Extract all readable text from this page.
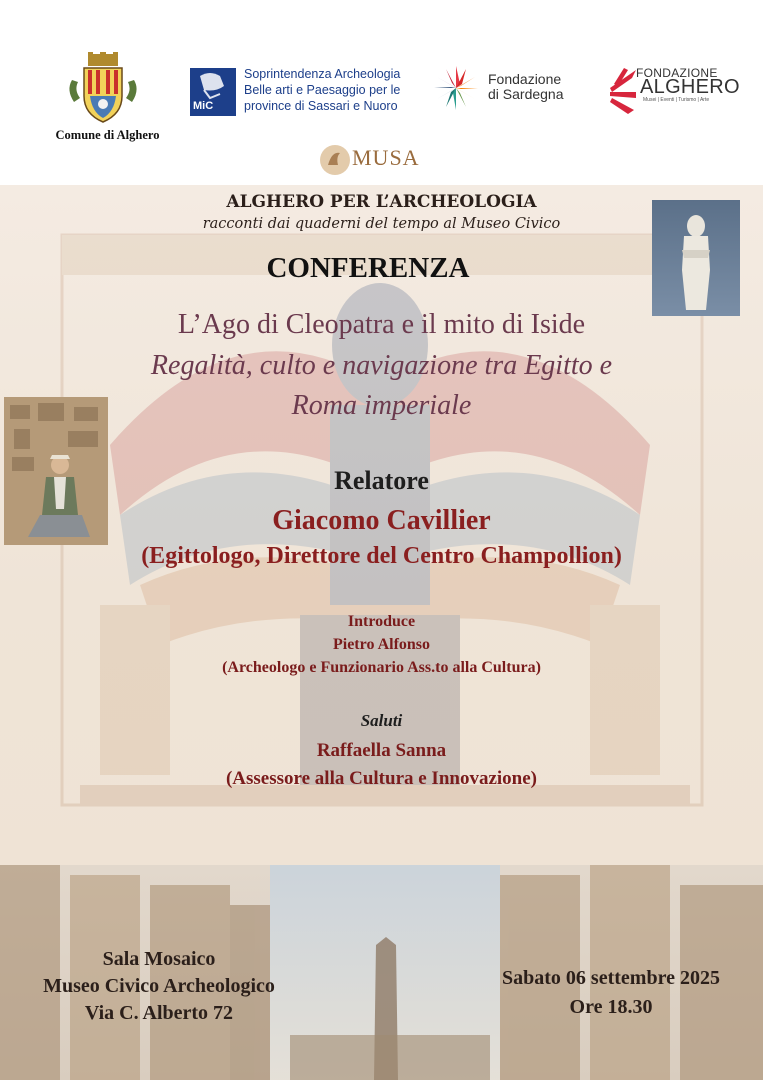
Comune di Alghero
MiC
Soprintendenza Archeologia
Belle arti e Paesaggio per le
province di Sassari e Nuoro
Fondazione
di Sardegna
FONDAZIONE
ALGHERO
Musei | Eventi | Turismo | Arte
MUSA
ALGHERO PER L’ARCHEOLOGIA
racconti dai quaderni del tempo al Museo Civico
CONFERENZA
L’Ago di Cleopatra e il mito di Iside
Regalità, culto e navigazione tra Egitto e
Roma imperiale
Relatore
Giacomo Cavillier
(Egittologo, Direttore del Centro Champollion)
Introduce
Pietro Alfonso
(Archeologo e Funzionario Ass.to alla Cultura)
Saluti
Raffaella Sanna
(Assessore alla Cultura e Innovazione)
Sala Mosaico
Museo Civico Archeologico
Via C. Alberto 72
Sabato 06 settembre 2025
Ore 18.30
